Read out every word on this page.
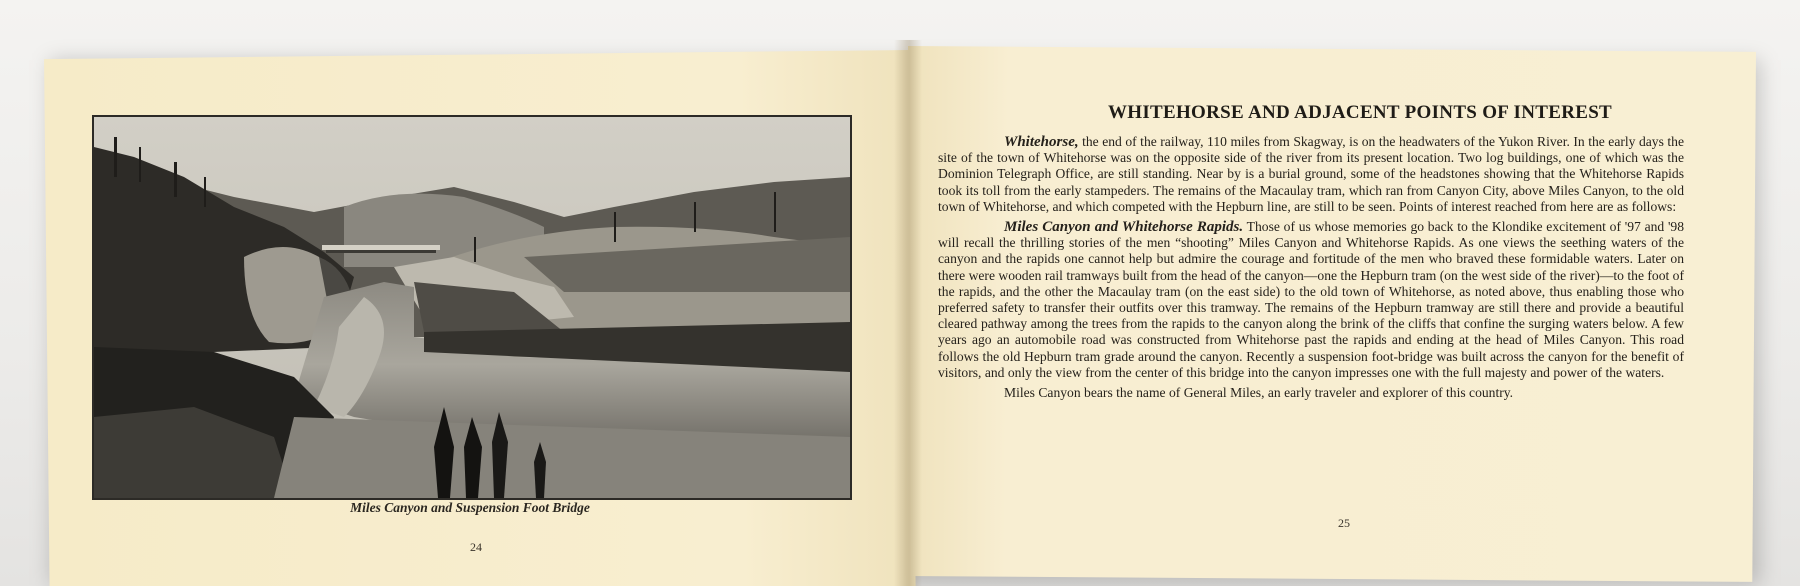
Miles Canyon and Suspension Foot Bridge
24
WHITEHORSE AND ADJACENT POINTS OF INTEREST

Whitehorse, the end of the railway, 110 miles from Skagway, is on the headwaters of the Yukon River. In the early days the site of the town of Whitehorse was on the opposite side of the river from its present location. Two log buildings, one of which was the Dominion Telegraph Office, are still standing. Near by is a burial ground, some of the headstones showing that the Whitehorse Rapids took its toll from the early stampeders. The remains of the Macaulay tram, which ran from Canyon City, above Miles Canyon, to the old town of Whitehorse, and which competed with the Hepburn line, are still to be seen. Points of interest reached from here are as follows:

Miles Canyon and Whitehorse Rapids. Those of us whose memories go back to the Klondike excitement of '97 and '98 will recall the thrilling stories of the men “shooting” Miles Canyon and Whitehorse Rapids. As one views the seething waters of the canyon and the rapids one cannot help but admire the courage and fortitude of the men who braved these formidable waters. Later on there were wooden rail tramways built from the head of the canyon—one the Hepburn tram (on the west side of the river)—to the foot of the rapids, and the other the Macaulay tram (on the east side) to the old town of Whitehorse, as noted above, thus enabling those who preferred safety to transfer their outfits over this tramway. The remains of the Hepburn tramway are still there and provide a beautiful cleared pathway among the trees from the rapids to the canyon along the brink of the cliffs that confine the surging waters below. A few years ago an automobile road was constructed from Whitehorse past the rapids and ending at the head of Miles Canyon. This road follows the old Hepburn tram grade around the canyon. Recently a suspension foot-bridge was built across the canyon for the benefit of visitors, and only the view from the center of this bridge into the canyon impresses one with the full majesty and power of the waters.

Miles Canyon bears the name of General Miles, an early traveler and explorer of this country.

25
